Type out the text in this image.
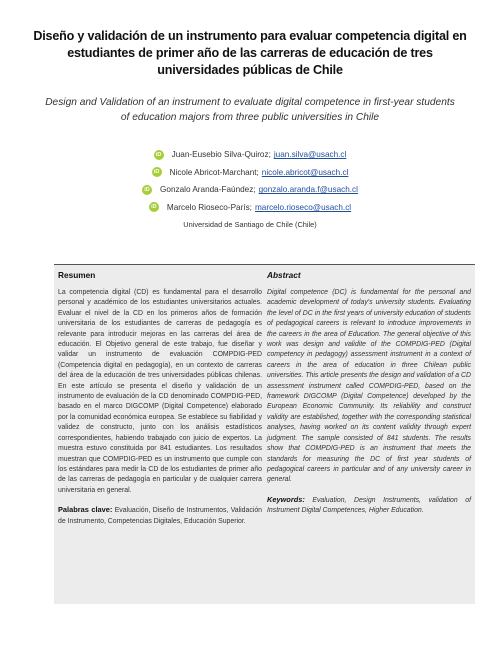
Diseño y validación de un instrumento para evaluar competencia digital en estudiantes de primer año de las carreras de educación de tres universidades públicas de Chile
Design and Validation of an instrument to evaluate digital competence in first-year students of education majors from three public universities in Chile
iD Juan-Eusebio Silva-Quiroz; juan.silva@usach.cl
iD Nicole Abricot-Marchant; nicole.abricot@usach.cl
iD Gonzalo Aranda-Faúndez; gonzalo.aranda.f@usach.cl
iD Marcelo Rioseco-París; marcelo.rioseco@usach.cl
Universidad de Santiago de Chile (Chile)
Resumen

La competencia digital (CD) es fundamental para el desarrollo personal y académico de los estudiantes universitarios actuales. Evaluar el nivel de la CD en los primeros años de formación universitaria de los estudiantes de carreras de pedagogía es relevante para introducir mejoras en las carreras del área de educación. El Objetivo general de este trabajo, fue diseñar y validar un instrumento de evaluación COMPDIG-PED (Competencia digital en pedagogía), en un contexto de carreras del área de la educación de tres universidades públicas chilenas. En este artículo se presenta el diseño y validación de un instrumento de evaluación de la CD denominado COMPDIG-PED, basado en el marco DIGCOMP (Digital Competence) elaborado por la comunidad económica europea. Se establece su fiabilidad y validez de constructo, junto con los análisis estadísticos correspondientes, habiendo trabajado con juicio de expertos. La muestra estuvo constituida por 841 estudiantes. Los resultados muestran que COMPDIG-PED es un instrumento que cumple con los estándares para medir la CD de los estudiantes de primer año de las carreras de pedagogía en particular y de cualquier carrera universitaria en general.

Palabras clave: Evaluación, Diseño de Instrumentos, Validación de Instrumento, Competencias Digitales, Educación Superior.

Abstract

Digital competence (DC) is fundamental for the personal and academic development of today's university students. Evaluating the level of DC in the first years of university education of students of pedagogical careers is relevant to introduce improvements in the careers in the area of Education. The general objective of this work was design and validite of the COMPDIG-PED (Digital competency in pedagogy) assessment instrument in a context of careers in the area of education in three Chilean public universities. This article presents the design and validation of a CD assessment instrument called COMPDIG-PED, based on the framework DIGCOMP (Digital Competence) developed by the European Economic Community. Its reliability and construct validity are established, together with the corresponding statistical analyses, having worked on its content validity through expert judgment. The sample consisted of 841 students. The results show that COMPDIG-PED is an instrument that meets the standards for measuring the DC of first year students of pedagogical careers in particular and of any university career in general.

Keywords: Evaluation, Design Instruments, validation of Instrument Digital Competences, Higher Education.
